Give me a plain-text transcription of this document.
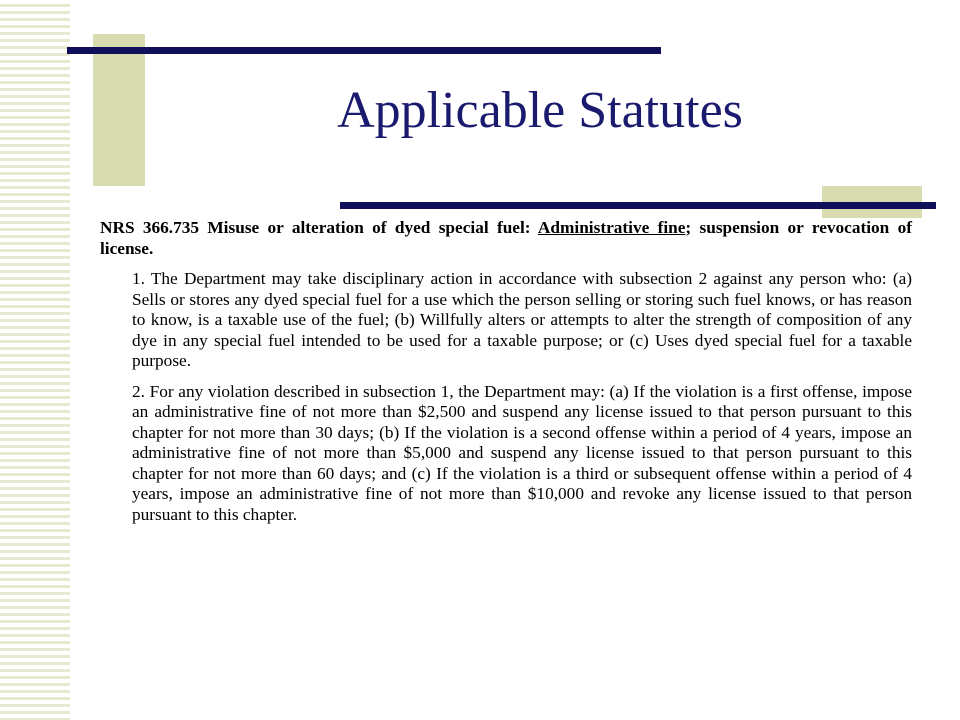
Applicable Statutes

NRS 366.735 Misuse or alteration of dyed special fuel: Administrative fine; suspension or revocation of license.

1. The Department may take disciplinary action in accordance with subsection 2 against any person who: (a) Sells or stores any dyed special fuel for a use which the person selling or storing such fuel knows, or has reason to know, is a taxable use of the fuel; (b) Willfully alters or attempts to alter the strength of composition of any dye in any special fuel intended to be used for a taxable purpose; or (c) Uses dyed special fuel for a taxable purpose.

2. For any violation described in subsection 1, the Department may: (a) If the violation is a first offense, impose an administrative fine of not more than $2,500 and suspend any license issued to that person pursuant to this chapter for not more than 30 days; (b) If the violation is a second offense within a period of 4 years, impose an administrative fine of not more than $5,000 and suspend any license issued to that person pursuant to this chapter for not more than 60 days; and (c) If the violation is a third or subsequent offense within a period of 4 years, impose an administrative fine of not more than $10,000 and revoke any license issued to that person pursuant to this chapter.
